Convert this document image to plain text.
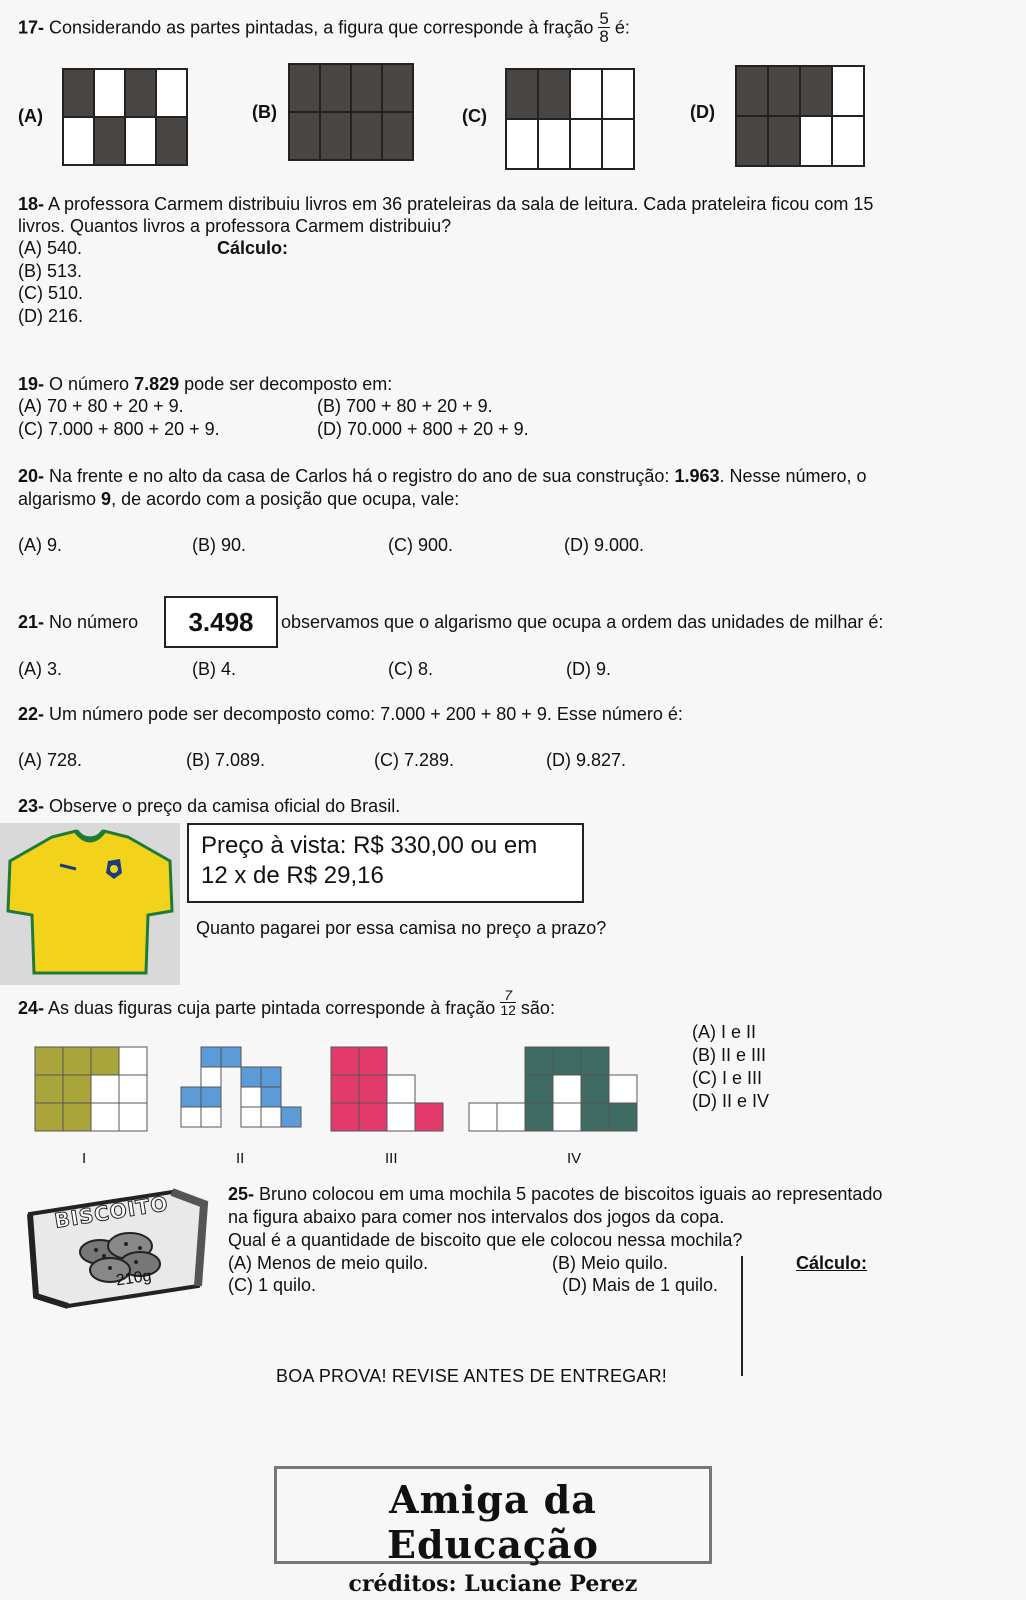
17- Considerando as partes pintadas, a figura que corresponde à fração $\frac{5}{8}$ é:
(A)	(B)	(C)	(D)
18- A professora Carmem distribuiu livros em 36 prateleiras da sala de leitura. Cada prateleira ficou com 15
livros. Quantos livros a professora Carmem distribuiu?
(A) 540.	Cálculo:
(B) 513.
(C) 510.
(D) 216.
19- O número 7.829 pode ser decomposto em:
(A) 70 + 80 + 20 + 9.	(B) 700 + 80 + 20 + 9.
(C) 7.000 + 800 + 20 + 9.	(D) 70.000 + 800 + 20 + 9.
20- Na frente e no alto da casa de Carlos há o registro do ano de sua construção: 1.963. Nesse número, o
algarismo 9, de acordo com a posição que ocupa, vale:
(A) 9.	(B) 90.	(C) 900.	(D) 9.000.
21- No número	3.498	observamos que o algarismo que ocupa a ordem das unidades de milhar é:
(A) 3.	(B) 4.	(C) 8.	(D) 9.
22- Um número pode ser decomposto como: 7.000 + 200 + 80 + 9. Esse número é:
(A) 728.	(B) 7.089.	(C) 7.289.	(D) 9.827.
23- Observe o preço da camisa oficial do Brasil.
Preço à vista: R$ 330,00 ou em
12 x de R$ 29,16
Quanto pagarei por essa camisa no preço a prazo?
24- As duas figuras cuja parte pintada corresponde à fração $\frac{7}{12}$ são:
I	II	III	IV
(A) I e II
(B) II e III
(C) I e III
(D) II e IV
BISCOITO
210g
25- Bruno colocou em uma mochila 5 pacotes de biscoitos iguais ao representado
na figura abaixo para comer nos intervalos dos jogos da copa.
Qual é a quantidade de biscoito que ele colocou nessa mochila?
(A) Menos de meio quilo.	(B) Meio quilo.
(C) 1 quilo.	(D) Mais de 1 quilo.
Cálculo:
BOA PROVA! REVISE ANTES DE ENTREGAR!
Amiga da Educação
créditos: Luciane Perez
